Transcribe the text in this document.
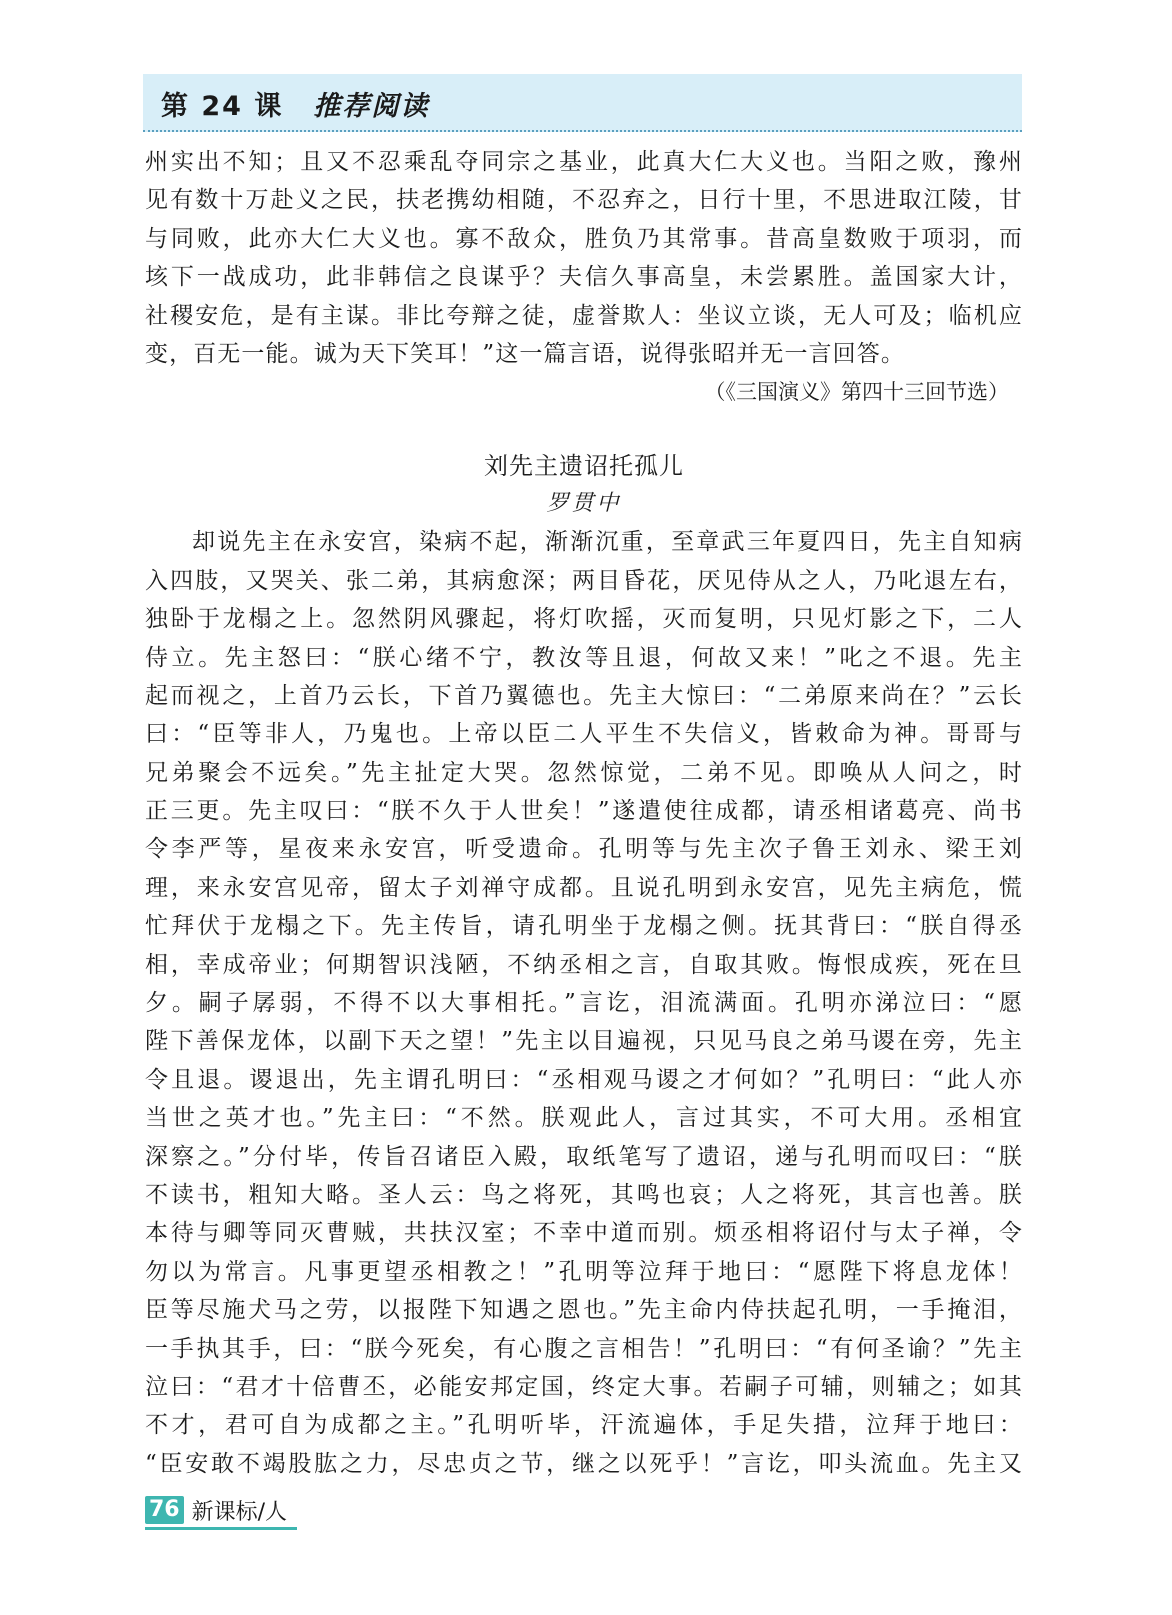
第 24 课 推荐阅读
州实出不知；且又不忍乘乱夺同宗之基业，此真大仁大义也。当阳之败，豫州
见有数十万赴义之民，扶老携幼相随，不忍弃之，日行十里，不思进取江陵，甘
与同败，此亦大仁大义也。寡不敌众，胜负乃其常事。昔高皇数败于项羽，而
垓下一战成功，此非韩信之良谋乎？夫信久事高皇，未尝累胜。盖国家大计，
社稷安危，是有主谋。非比夸辩之徒，虚誉欺人：坐议立谈，无人可及；临机应
变，百无一能。诚为天下笑耳！”这一篇言语，说得张昭并无一言回答。
（《三国演义》第四十三回节选）
刘先主遗诏托孤儿
罗贯中
却说先主在永安宫，染病不起，渐渐沉重，至章武三年夏四日，先主自知病
入四肢，又哭关、张二弟，其病愈深；两目昏花，厌见侍从之人，乃叱退左右，
独卧于龙榻之上。忽然阴风骤起，将灯吹摇，灭而复明，只见灯影之下，二人
侍立。先主怒曰：“朕心绪不宁，教汝等且退，何故又来！”叱之不退。先主
起而视之，上首乃云长，下首乃翼德也。先主大惊曰：“二弟原来尚在？”云长
曰：“臣等非人，乃鬼也。上帝以臣二人平生不失信义，皆敕命为神。哥哥与
兄弟聚会不远矣。”先主扯定大哭。忽然惊觉，二弟不见。即唤从人问之，时
正三更。先主叹曰：“朕不久于人世矣！”遂遣使往成都，请丞相诸葛亮、尚书
令李严等，星夜来永安宫，听受遗命。孔明等与先主次子鲁王刘永、梁王刘
理，来永安宫见帝，留太子刘禅守成都。且说孔明到永安宫，见先主病危，慌
忙拜伏于龙榻之下。先主传旨，请孔明坐于龙榻之侧。抚其背曰：“朕自得丞
相，幸成帝业；何期智识浅陋，不纳丞相之言，自取其败。悔恨成疾，死在旦
夕。嗣子孱弱，不得不以大事相托。”言讫，泪流满面。孔明亦涕泣曰：“愿
陛下善保龙体，以副下天之望！”先主以目遍视，只见马良之弟马谡在旁，先主
令且退。谡退出，先主谓孔明曰：“丞相观马谡之才何如？”孔明曰：“此人亦
当世之英才也。”先主曰：“不然。朕观此人，言过其实，不可大用。丞相宜
深察之。”分付毕，传旨召诸臣入殿，取纸笔写了遗诏，递与孔明而叹曰：“朕
不读书，粗知大略。圣人云：鸟之将死，其鸣也哀；人之将死，其言也善。朕
本待与卿等同灭曹贼，共扶汉室；不幸中道而别。烦丞相将诏付与太子禅，令
勿以为常言。凡事更望丞相教之！”孔明等泣拜于地曰：“愿陛下将息龙体！
臣等尽施犬马之劳，以报陛下知遇之恩也。”先主命内侍扶起孔明，一手掩泪，
一手执其手，曰：“朕今死矣，有心腹之言相告！”孔明曰：“有何圣谕？”先主
泣曰：“君才十倍曹丕，必能安邦定国，终定大事。若嗣子可辅，则辅之；如其
不才，君可自为成都之主。”孔明听毕，汗流遍体，手足失措，泣拜于地曰：
“臣安敢不竭股肱之力，尽忠贞之节，继之以死乎！”言讫，叩头流血。先主又
76 新课标/人
